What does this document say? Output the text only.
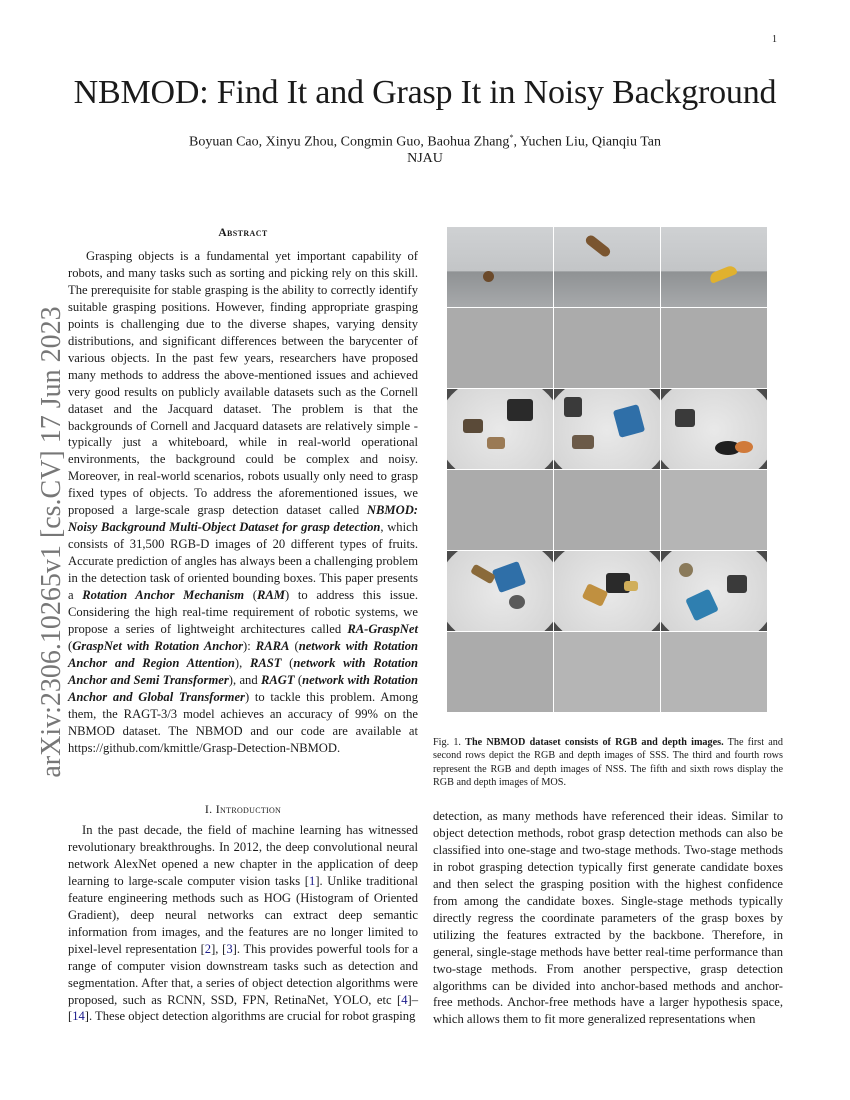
1
NBMOD: Find It and Grasp It in Noisy Background
Boyuan Cao, Xinyu Zhou, Congmin Guo, Baohua Zhang*, Yuchen Liu, Qianqiu Tan
NJAU
arXiv:2306.10265v1 [cs.CV] 17 Jun 2023
Abstract

Grasping objects is a fundamental yet important capability of robots, and many tasks such as sorting and picking rely on this skill. The prerequisite for stable grasping is the ability to correctly identify suitable grasping positions. However, finding appropriate grasping points is challenging due to the diverse shapes, varying density distributions, and significant differences between the barycenter of various objects. In the past few years, researchers have proposed many methods to address the above-mentioned issues and achieved very good results on publicly available datasets such as the Cornell dataset and the Jacquard dataset. The problem is that the backgrounds of Cornell and Jacquard datasets are relatively simple - typically just a whiteboard, while in real-world operational environments, the background could be complex and noisy. Moreover, in real-world scenarios, robots usually only need to grasp fixed types of objects. To address the aforementioned issues, we proposed a large-scale grasp detection dataset called NBMOD: Noisy Background Multi-Object Dataset for grasp detection, which consists of 31,500 RGB-D images of 20 different types of fruits. Accurate prediction of angles has always been a challenging problem in the detection task of oriented bounding boxes. This paper presents a Rotation Anchor Mechanism (RAM) to address this issue. Considering the high real-time requirement of robotic systems, we propose a series of lightweight architectures called RA-GraspNet (GraspNet with Rotation Anchor): RARA (network with Rotation Anchor and Region Attention), RAST (network with Rotation Anchor and Semi Transformer), and RAGT (network with Rotation Anchor and Global Transformer) to tackle this problem. Among them, the RAGT-3/3 model achieves an accuracy of 99% on the NBMOD dataset. The NBMOD and our code are available at https://github.com/kmittle/Grasp-Detection-NBMOD.	Fig. 1. The NBMOD dataset consists of RGB and depth images. The first and second rows depict the RGB and depth images of SSS. The third and fourth rows represent the RGB and depth images of NSS. The fifth and sixth rows display the RGB and depth images of MOS.
I. Introduction

In the past decade, the field of machine learning has witnessed revolutionary breakthroughs. In 2012, the deep convolutional neural network AlexNet opened a new chapter in the application of deep learning to large-scale computer vision tasks [1]. Unlike traditional feature engineering methods such as HOG (Histogram of Oriented Gradient), deep neural networks can extract deep semantic information from images, and the features are no longer limited to pixel-level representation [2], [3]. This provides powerful tools for a range of computer vision downstream tasks such as detection and segmentation. After that, a series of object detection algorithms were proposed, such as RCNN, SSD, FPN, RetinaNet, YOLO, etc [4]–[14]. These object detection algorithms are crucial for robot grasping

detection, as many methods have referenced their ideas. Similar to object detection methods, robot grasp detection methods can also be classified into one-stage and two-stage methods. Two-stage methods in robot grasping detection typically first generate candidate boxes and then select the grasping position with the highest confidence from among the candidate boxes. Single-stage methods typically directly regress the coordinate parameters of the grasp boxes by utilizing the features extracted by the backbone. Therefore, in general, single-stage methods have better real-time performance than two-stage methods. From another perspective, grasp detection algorithms can be divided into anchor-based methods and anchor-free methods. Anchor-free methods have a larger hypothesis space, which allows them to fit more generalized representations when
